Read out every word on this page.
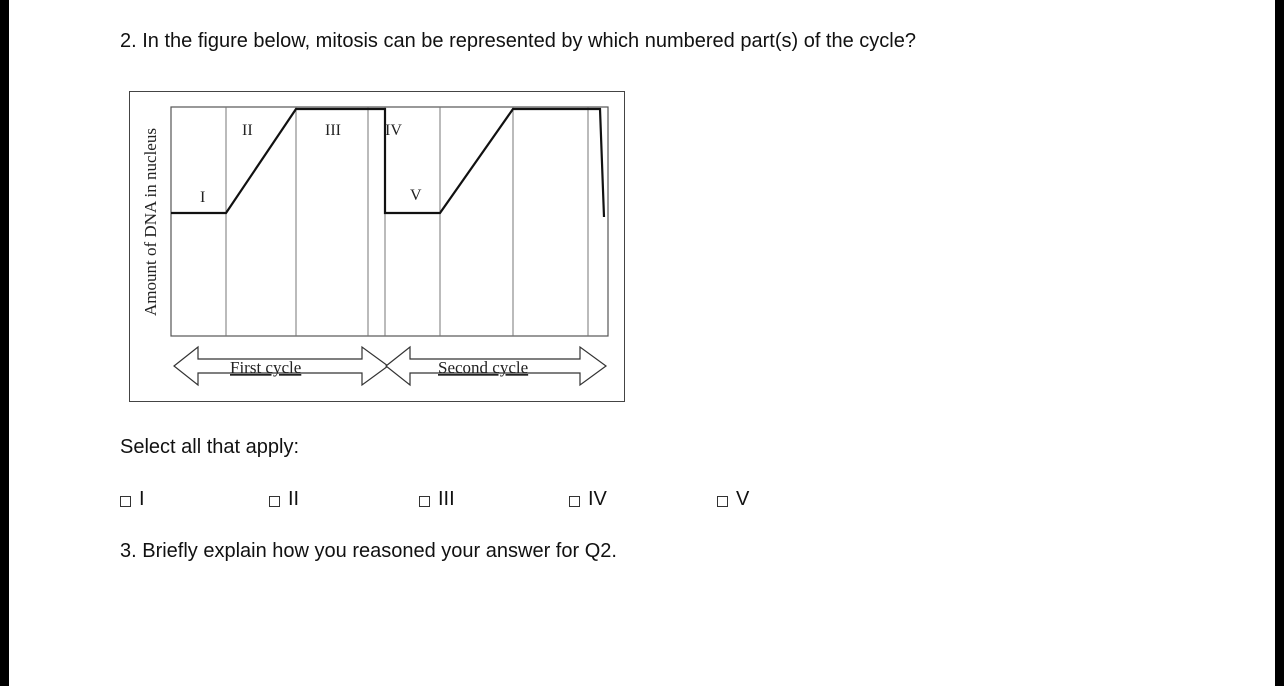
2. In the figure below, mitosis can be represented by which numbered part(s) of the cycle?
Amount of DNA in nucleus	I
II	III	IV
V
First cycle	Second cycle
Select all that apply:
I	II	III	IV	V
3. Briefly explain how you reasoned your answer for Q2.
